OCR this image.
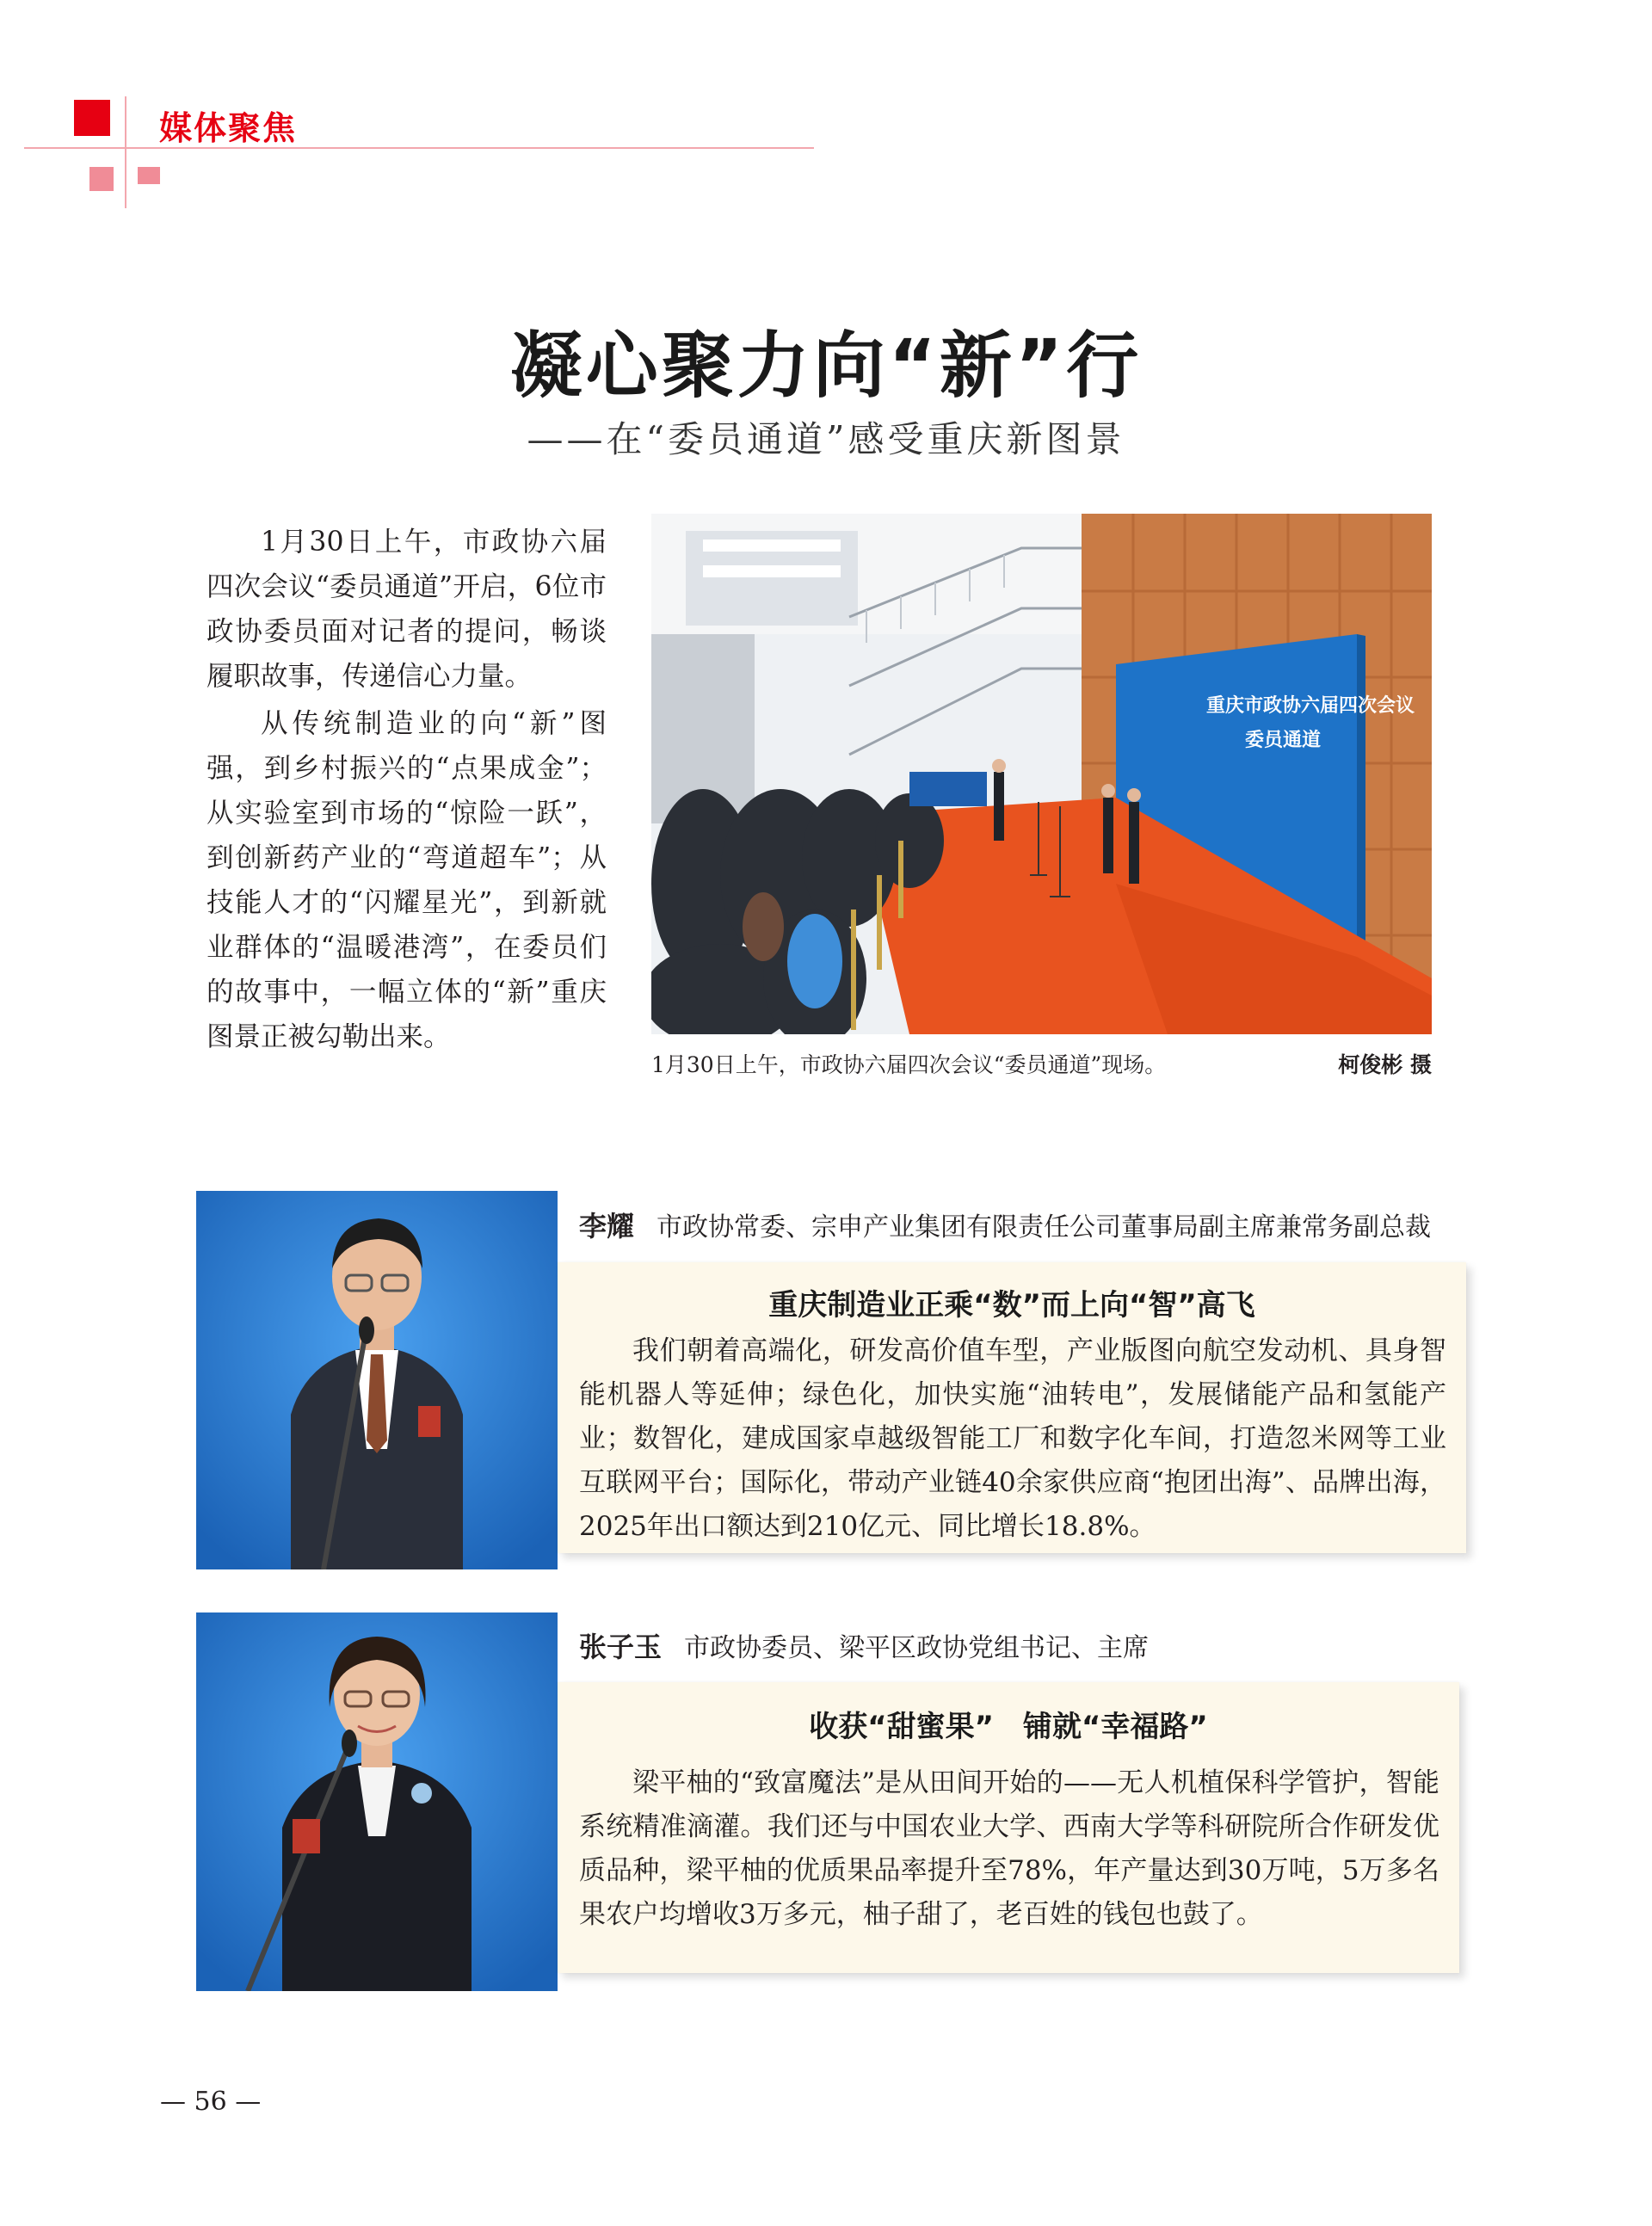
媒体聚焦
凝心聚力向“新”行
——在“委员通道”感受重庆新图景

1月30日上午，市政协六届四次会议“委员通道”开启，6位市政协委员面对记者的提问，畅谈履职故事，传递信心力量。

从传统制造业的向“新”图强，到乡村振兴的“点果成金”；从实验室到市场的“惊险一跃”，到创新药产业的“弯道超车”；从技能人才的“闪耀星光”，到新就业群体的“温暖港湾”，在委员们的故事中，一幅立体的“新”重庆图景正被勾勒出来。

重庆市政协六届四次会议
委员通道
1月30日上午，市政协六届四次会议“委员通道”现场。	柯俊彬 摄
李耀 市政协常委、宗申产业集团有限责任公司董事局副主席兼常务副总裁
重庆制造业正乘“数”而上向“智”高飞

我们朝着高端化，研发高价值车型，产业版图向航空发动机、具身智能机器人等延伸；绿色化，加快实施“油转电”，发展储能产品和氢能产业；数智化，建成国家卓越级智能工厂和数字化车间，打造忽米网等工业互联网平台；国际化，带动产业链40余家供应商“抱团出海”、品牌出海，2025年出口额达到210亿元、同比增长18.8%。

张子玉 市政协委员、梁平区政协党组书记、主席
收获“甜蜜果”　铺就“幸福路”

梁平柚的“致富魔法”是从田间开始的——无人机植保科学管护，智能系统精准滴灌。我们还与中国农业大学、西南大学等科研院所合作研发优质品种，梁平柚的优质果品率提升至78%，年产量达到30万吨，5万多名果农户均增收3万多元，柚子甜了，老百姓的钱包也鼓了。

— 56 —
